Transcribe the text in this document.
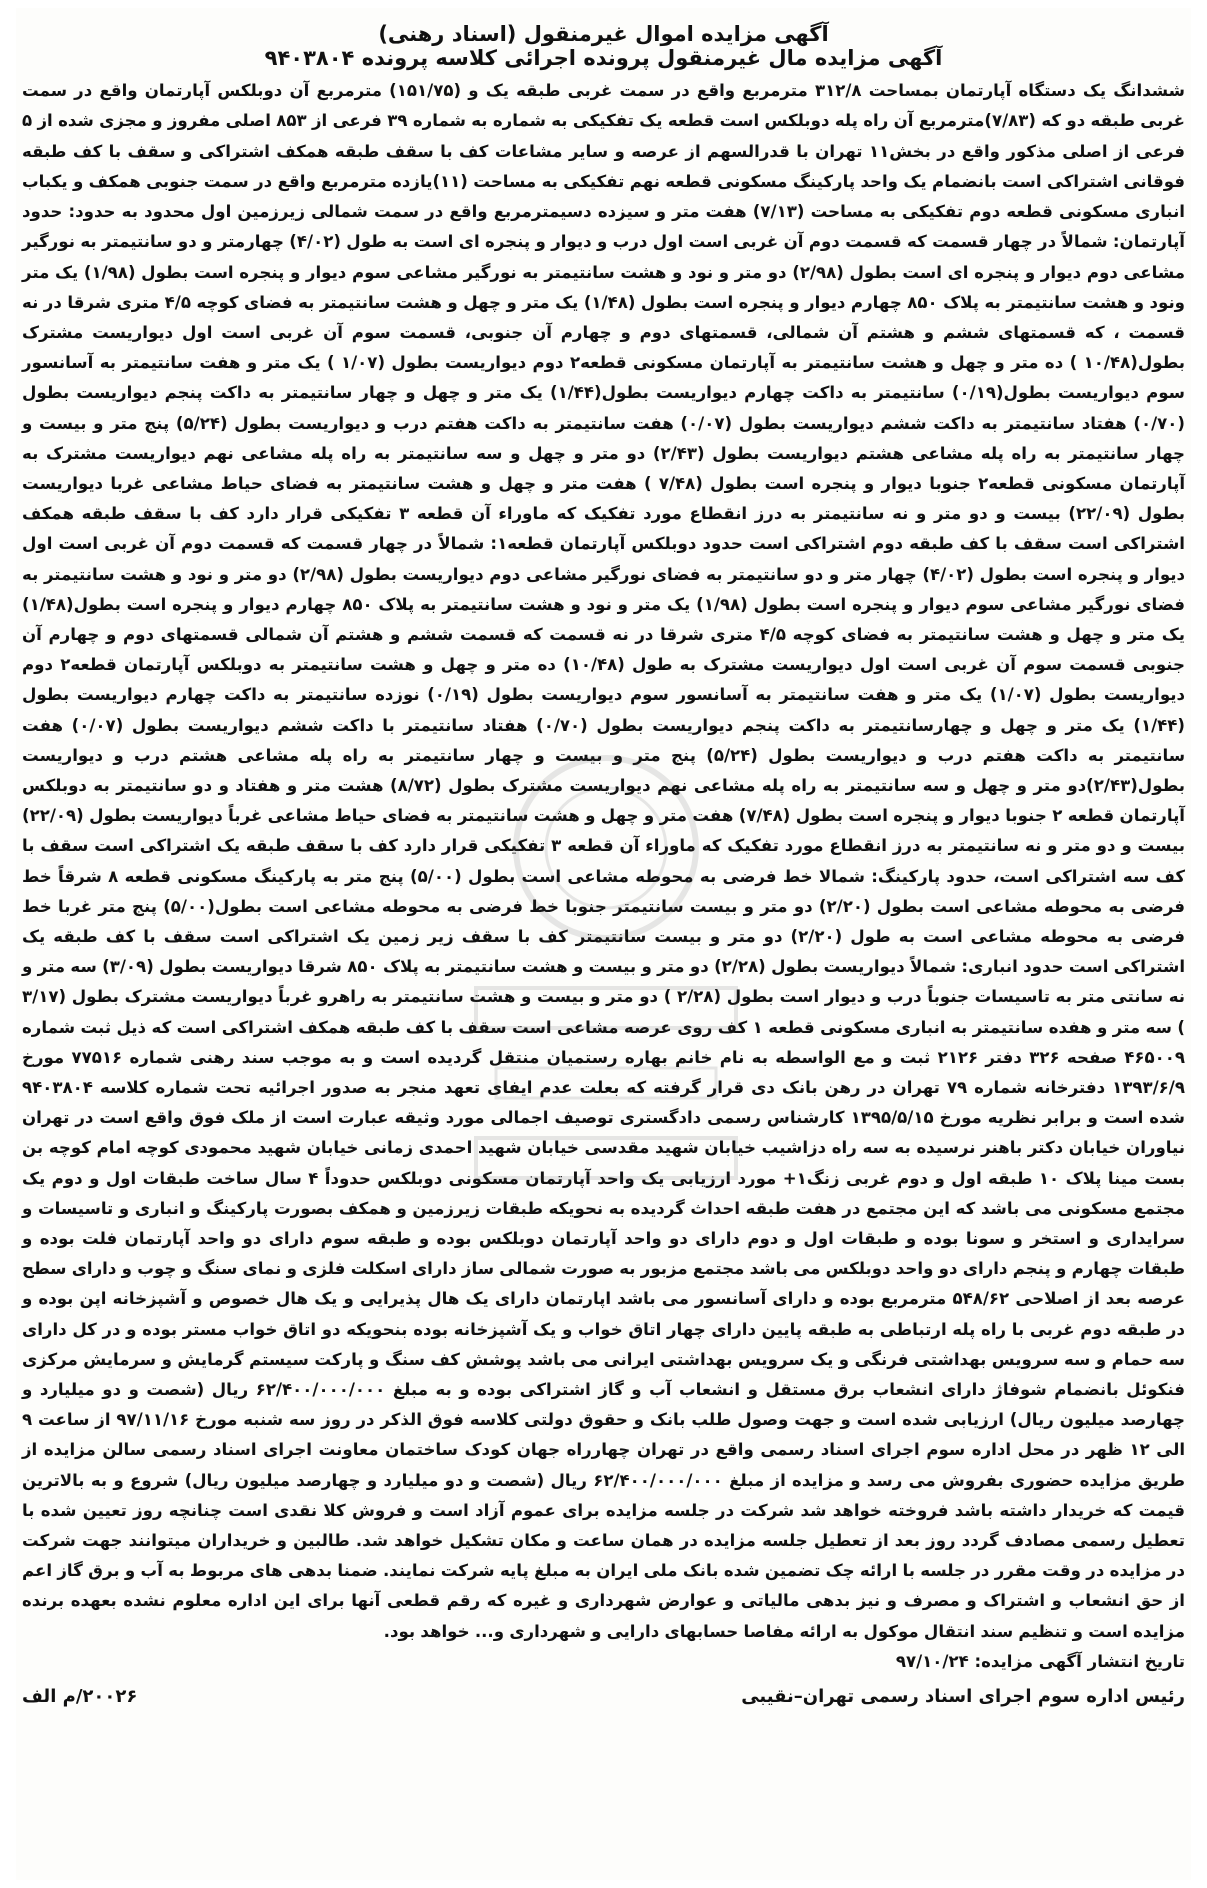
آگهی مزایده اموال غیرمنقول (اسناد رهنی)

آگهی مزایده مال غیرمنقول پرونده اجرائی کلاسه پرونده ۹۴۰۳۸۰۴

ششدانگ یک دستگاه آپارتمان بمساحت ۳۱۲/۸ مترمربع واقع در سمت غربی طبقه یک و (۱۵۱/۷۵) مترمربع آن دوبلکس آپارتمان واقع در سمت غربی طبقه دو که (۷/۸۳)مترمربع آن راه پله دوبلکس است قطعه یک تفکیکی به شماره به شماره ۳۹ فرعی از ۸۵۳ اصلی مفروز و مجزی شده از ۵ فرعی از اصلی مذکور واقع در بخش۱۱ تهران با قدرالسهم از عرصه و سایر مشاعات کف با سقف طبقه همکف اشتراکی و سقف با کف طبقه فوقانی اشتراکی است بانضمام یک واحد پارکینگ مسکونی قطعه نهم تفکیکی به مساحت (۱۱)یازده مترمربع واقع در سمت جنوبی همکف و یکباب انباری مسکونی قطعه دوم تفکیکی به مساحت (۷/۱۳) هفت متر و سیزده دسیمترمربع واقع در سمت شمالی زیرزمین اول محدود به حدود: حدود آپارتمان: شمالاً در چهار قسمت که قسمت دوم آن غربی است اول درب و دیوار و پنجره ای است به طول (۴/۰۲) چهارمتر و دو سانتیمتر به نورگیر مشاعی دوم دیوار و پنجره ای است بطول (۲/۹۸) دو متر و نود و هشت سانتیمتر به نورگیر مشاعی سوم دیوار و پنجره است بطول (۱/۹۸) یک متر ونود و هشت سانتیمتر به پلاک ۸۵۰ چهارم دیوار و پنجره است بطول (۱/۴۸) یک متر و چهل و هشت سانتیمتر به فضای کوچه ۴/۵ متری شرقا در نه قسمت ، که قسمتهای ششم و هشتم آن شمالی، قسمتهای دوم و چهارم آن جنوبی، قسمت سوم آن غربی است اول دیواریست مشترک بطول(۱۰/۴۸ ) ده متر و چهل و هشت سانتیمتر به آپارتمان مسکونی قطعه۲ دوم دیواریست بطول (۱/۰۷ ) یک متر و هفت سانتیمتر به آسانسور سوم دیواریست بطول(۰/۱۹) سانتیمتر به داکت چهارم دیواریست بطول(۱/۴۴) یک متر و چهل و چهار سانتیمتر به داکت پنجم دیواریست بطول (۰/۷۰) هفتاد سانتیمتر به داکت ششم دیواریست بطول (۰/۰۷) هفت سانتیمتر به داکت هفتم درب و دیواریست بطول (۵/۲۴) پنج متر و بیست و چهار سانتیمتر به راه پله مشاعی هشتم دیواریست بطول (۲/۴۳) دو متر و چهل و سه سانتیمتر به راه پله مشاعی نهم دیواریست مشترک به آپارتمان مسکونی قطعه۲ جنوبا دیوار و پنجره است بطول (۷/۴۸ ) هفت متر و چهل و هشت سانتیمتر به فضای حیاط مشاعی غربا دیواریست بطول (۲۲/۰۹) بیست و دو متر و نه سانتیمتر به درز انقطاع مورد تفکیک که ماوراء آن قطعه ۳ تفکیکی قرار دارد کف با سقف طبقه همکف اشتراکی است سقف با کف طبقه دوم اشتراکی است حدود دوبلکس آپارتمان قطعه۱: شمالاً در چهار قسمت که قسمت دوم آن غربی است اول دیوار و پنجره است بطول (۴/۰۲) چهار متر و دو سانتیمتر به فضای نورگیر مشاعی دوم دیواریست بطول (۲/۹۸) دو متر و نود و هشت سانتیمتر به فضای نورگیر مشاعی سوم دیوار و پنجره است بطول (۱/۹۸) یک متر و نود و هشت سانتیمتر به پلاک ۸۵۰ چهارم دیوار و پنجره است بطول(۱/۴۸) یک متر و چهل و هشت سانتیمتر به فضای کوچه ۴/۵ متری شرقا در نه قسمت که قسمت ششم و هشتم آن شمالی قسمتهای دوم و چهارم آن جنوبی قسمت سوم آن غربی است اول دیواریست مشترک به طول (۱۰/۴۸) ده متر و چهل و هشت سانتیمتر به دوبلکس آپارتمان قطعه۲ دوم دیواریست بطول (۱/۰۷) یک متر و هفت سانتیمتر به آسانسور سوم دیواریست بطول (۰/۱۹) نوزده سانتیمتر به داکت چهارم دیواریست بطول (۱/۴۴) یک متر و چهل و چهارسانتیمتر به داکت پنجم دیواریست بطول (۰/۷۰) هفتاد سانتیمتر با داکت ششم دیواریست بطول (۰/۰۷) هفت سانتیمتر به داکت هفتم درب و دیواریست بطول (۵/۲۴) پنج متر و بیست و چهار سانتیمتر به راه پله مشاعی هشتم درب و دیواریست بطول(۲/۴۳)دو متر و چهل و سه سانتیمتر به راه پله مشاعی نهم دیواریست مشترک بطول (۸/۷۲) هشت متر و هفتاد و دو سانتیمتر به دوبلکس آپارتمان قطعه ۲ جنوبا دیوار و پنجره است بطول (۷/۴۸) هفت متر و چهل و هشت سانتیمتر به فضای حیاط مشاعی غرباً دیواریست بطول (۲۲/۰۹) بیست و دو متر و نه سانتیمتر به درز انقطاع مورد تفکیک که ماوراء آن قطعه ۳ تفکیکی قرار دارد کف با سقف طبقه یک اشتراکی است سقف با کف سه اشتراکی است، حدود پارکینگ: شمالا خط فرضی به محوطه مشاعی است بطول (۵/۰۰) پنج متر به پارکینگ مسکونی قطعه ۸ شرقاً خط فرضی به محوطه مشاعی است بطول (۲/۲۰) دو متر و بیست سانتیمتر جنوبا خط فرضی به محوطه مشاعی است بطول(۵/۰۰) پنج متر غربا خط فرضی به محوطه مشاعی است به طول (۲/۲۰) دو متر و بیست سانتیمتر کف با سقف زیر زمین یک اشتراکی است سقف با کف طبقه یک اشتراکی است حدود انباری: شمالاً دیواریست بطول (۲/۲۸) دو متر و بیست و هشت سانتیمتر به پلاک ۸۵۰ شرقا دیواریست بطول (۳/۰۹) سه متر و نه سانتی متر به تاسیسات جنوباً درب و دیوار است بطول (۲/۲۸ ) دو متر و بیست و هشت سانتیمتر به راهرو غرباً دیواریست مشترک بطول (۳/۱۷ ) سه متر و هفده سانتیمتر به انباری مسکونی قطعه ۱ کف روی عرصه مشاعی است سقف با کف طبقه همکف اشتراکی است که ذیل ثبت شماره ۴۶۵۰۰۹ صفحه ۳۲۶ دفتر ۲۱۲۶ ثبت و مع الواسطه به نام خانم بهاره رستمیان منتقل گردیده است و به موجب سند رهنی شماره ۷۷۵۱۶ مورخ ۱۳۹۳/۶/۹ دفترخانه شماره ۷۹ تهران در رهن بانک دی قرار گرفته که بعلت عدم ایفای تعهد منجر به صدور اجرائیه تحت شماره کلاسه ۹۴۰۳۸۰۴ شده است و برابر نظریه مورخ ۱۳۹۵/۵/۱۵ کارشناس رسمی دادگستری توصیف اجمالی مورد وثیقه عبارت است از ملک فوق واقع است در تهران نیاوران خیابان دکتر باهنر نرسیده به سه راه دزاشیب خیابان شهید مقدسی خیابان شهید احمدی زمانی خیابان شهید محمودی کوچه امام کوچه بن بست مینا پلاک ۱۰ طبقه اول و دوم غربی زنگ۱+ مورد ارزیابی یک واحد آپارتمان مسکونی دوبلکس حدوداً ۴ سال ساخت طبقات اول و دوم یک مجتمع مسکونی می باشد که این مجتمع در هفت طبقه احداث گردیده به نحویکه طبقات زیرزمین و همکف بصورت پارکینگ و انباری و تاسیسات و سرایداری و استخر و سونا بوده و طبقات اول و دوم دارای دو واحد آپارتمان دوبلکس بوده و طبقه سوم دارای دو واحد آپارتمان فلت بوده و طبقات چهارم و پنجم دارای دو واحد دوبلکس می باشد مجتمع مزبور به صورت شمالی ساز دارای اسکلت فلزی و نمای سنگ و چوب و دارای سطح عرصه بعد از اصلاحی ۵۴۸/۶۲ مترمربع بوده و دارای آسانسور می باشد اپارتمان دارای یک هال پذیرایی و یک هال خصوص و آشپزخانه اپن بوده و در طبقه دوم غربی با راه پله ارتباطی به طبقه پایین دارای چهار اتاق خواب و یک آشپزخانه بوده بنحویکه دو اتاق خواب مستر بوده و در کل دارای سه حمام و سه سرویس بهداشتی فرنگی و یک سرویس بهداشتی ایرانی می باشد پوشش کف سنگ و پارکت سیستم گرمایش و سرمایش مرکزی فنکوئل بانضمام شوفاژ دارای انشعاب برق مستقل و انشعاب آب و گاز اشتراکی بوده و به مبلغ ۶۲/۴۰۰/۰۰۰/۰۰۰ ریال (شصت و دو میلیارد و چهارصد میلیون ریال) ارزیابی شده است و جهت وصول طلب بانک و حقوق دولتی کلاسه فوق الذکر در روز سه شنبه مورخ ۹۷/۱۱/۱۶ از ساعت ۹ الی ۱۲ ظهر در محل اداره سوم اجرای اسناد رسمی واقع در تهران چهارراه جهان کودک ساختمان معاونت اجرای اسناد رسمی سالن مزایده از طریق مزایده حضوری بفروش می رسد و مزایده از مبلغ ۶۲/۴۰۰/۰۰۰/۰۰۰ ریال (شصت و دو میلیارد و چهارصد میلیون ریال) شروع و به بالاترین قیمت که خریدار داشته باشد فروخته خواهد شد شرکت در جلسه مزایده برای عموم آزاد است و فروش کلا نقدی است چنانچه روز تعیین شده با تعطیل رسمی مصادف گردد روز بعد از تعطیل جلسه مزایده در همان ساعت و مکان تشکیل خواهد شد. طالبین و خریداران میتوانند جهت شرکت در مزایده در وقت مقرر در جلسه با ارائه چک تضمین شده بانک ملی ایران به مبلغ پایه شرکت نمایند. ضمنا بدهی های مربوط به آب و برق گاز اعم از حق انشعاب و اشتراک و مصرف و نیز بدهی مالیاتی و عوارض شهرداری و غیره که رقم قطعی آنها برای این اداره معلوم نشده بعهده برنده مزایده است و تنظیم سند انتقال موکول به ارائه مفاصا حسابهای دارایی و شهرداری و... خواهد بود.

تاریخ انتشار آگهی مزایده: ۹۷/۱۰/۲۴

رئیس اداره سوم اجرای اسناد رسمی تهران–نقیبی
۲۰۰۲۶/م الف
